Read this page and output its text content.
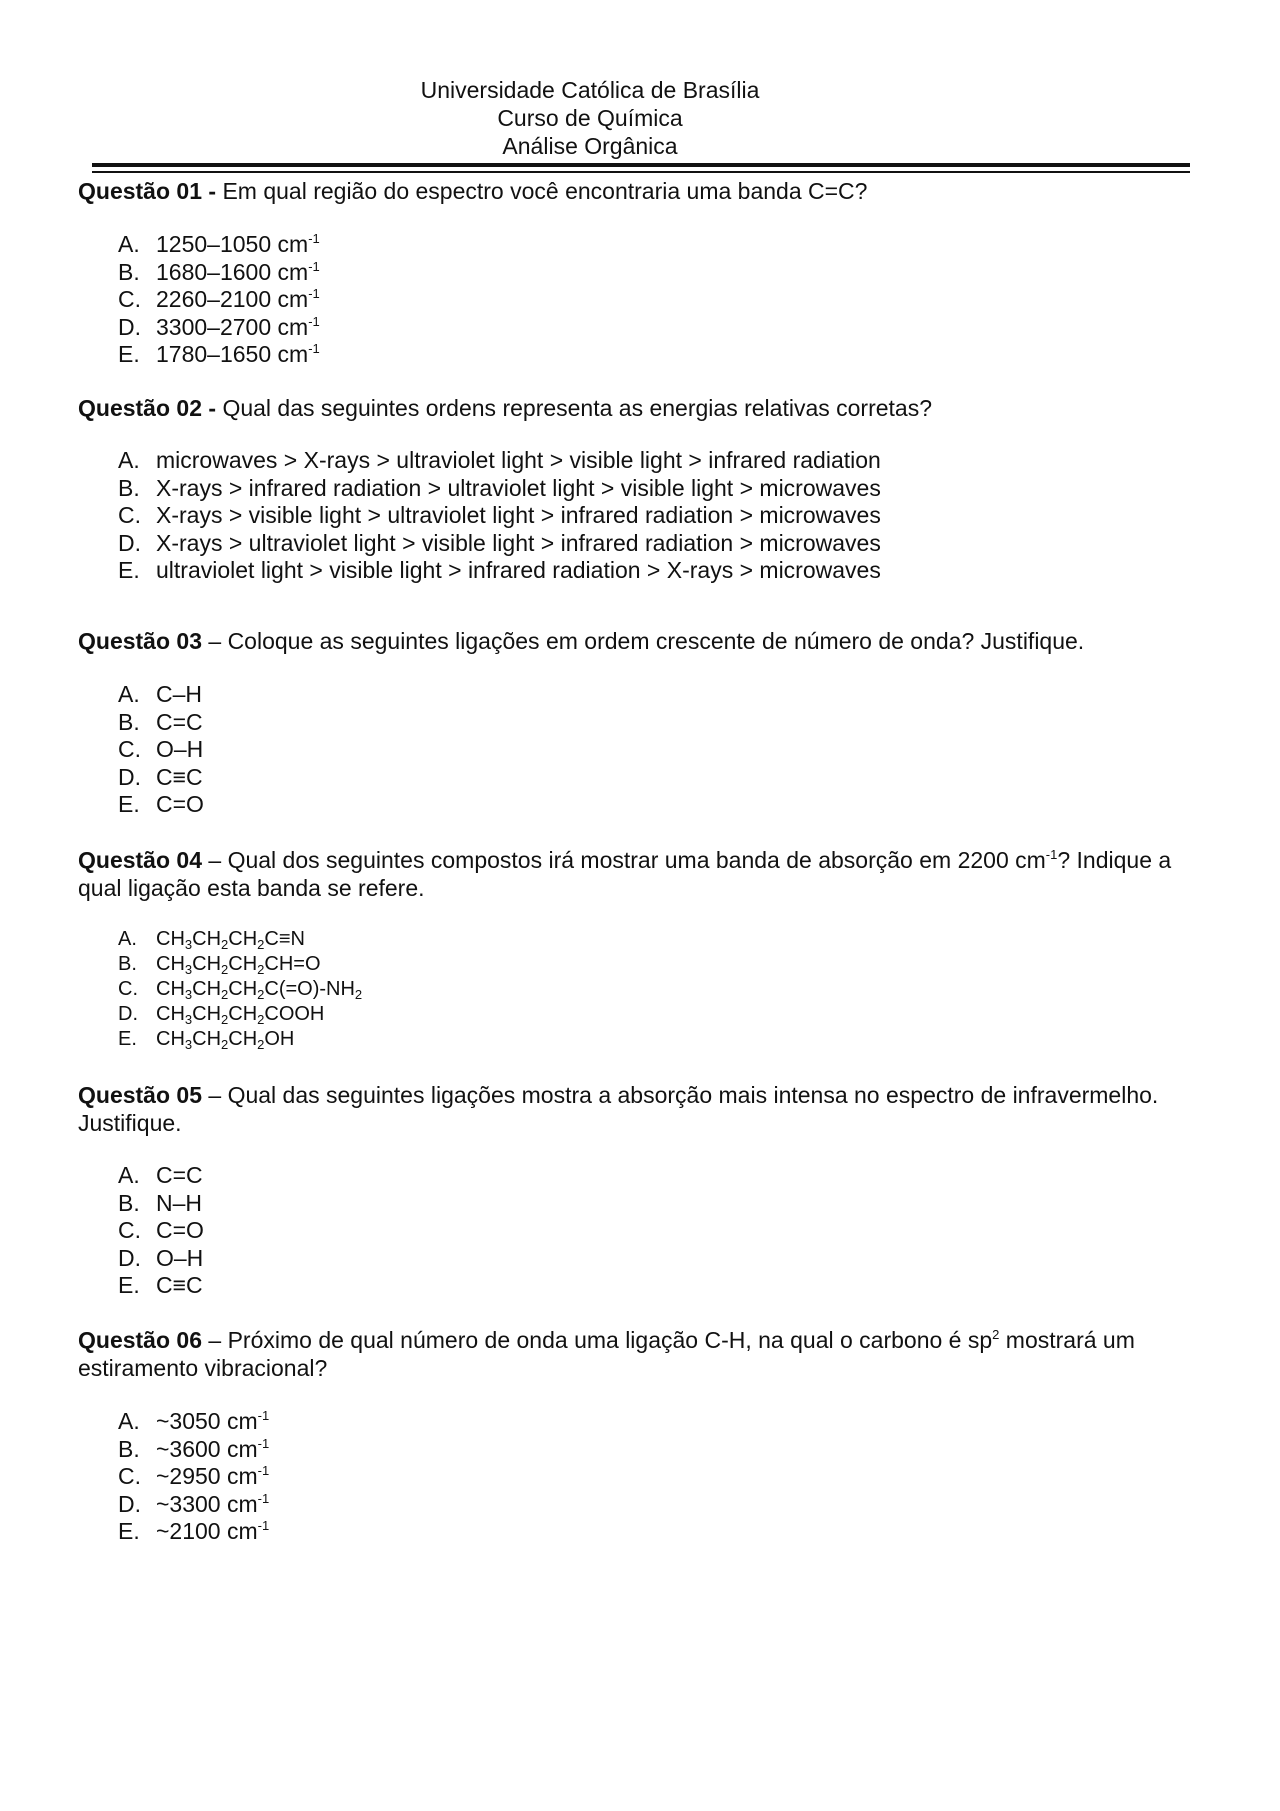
Universidade Católica de Brasília
Curso de Química
Análise Orgânica
Questão 01 - Em qual região do espectro você encontraria uma banda C=C?
A. 1250–1050 $cm^{-1}$
B. 1680–1600 $cm^{-1}$
C. 2260–2100 $cm^{-1}$
D. 3300–2700 $cm^{-1}$
E. 1780–1650 $cm^{-1}$
Questão 02 - Qual das seguintes ordens representa as energias relativas corretas?
A. microwaves > X-rays > ultraviolet light > visible light > infrared radiation
B. X-rays > infrared radiation > ultraviolet light > visible light > microwaves
C. X-rays > visible light > ultraviolet light > infrared radiation > microwaves
D. X-rays > ultraviolet light > visible light > infrared radiation > microwaves
E. ultraviolet light > visible light > infrared radiation > X-rays > microwaves
Questão 03 – Coloque as seguintes ligações em ordem crescente de número de onda? Justifique.
A. C–H
B. C=C
C. O–H
D. C≡C
E. C=O
Questão 04 – Qual dos seguintes compostos irá mostrar uma banda de absorção em 2200 $cm^{-1}$? Indique a qual ligação esta banda se refere.
A. $CH_3CH_2CH_2C\equiv N$
B. $CH_3CH_2CH_2CH=O$
C. $CH_3CH_2CH_2C(=O)-NH_2$
D. $CH_3CH_2CH_2COOH$
E. $CH_3CH_2CH_2OH$
Questão 05 – Qual das seguintes ligações mostra a absorção mais intensa no espectro de infravermelho. Justifique.
A. C=C
B. N–H
C. C=O
D. O–H
E. C≡C
Questão 06 – Próximo de qual número de onda uma ligação C-H, na qual o carbono é $sp^2$ mostrará um estiramento vibracional?
A. ~3050 $cm^{-1}$
B. ~3600 $cm^{-1}$
C. ~2950 $cm^{-1}$
D. ~3300 $cm^{-1}$
E. ~2100 $cm^{-1}$
